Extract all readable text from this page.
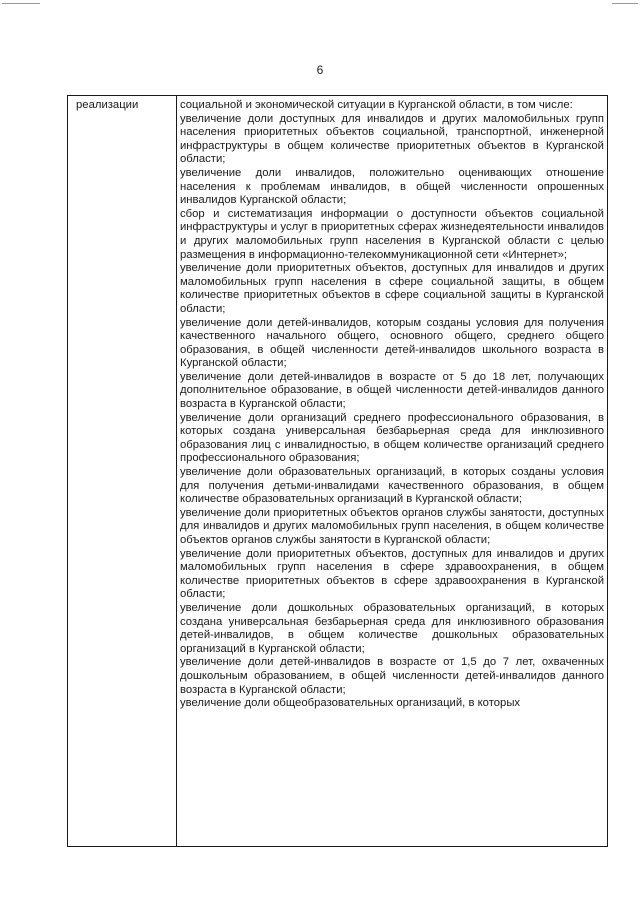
6
реализации	социальной и экономической ситуации в Курганской области, в том числе:

увеличение доли доступных для инвалидов и других маломобильных групп населения приоритетных объектов социальной, транспортной, инженерной инфраструктуры в общем количестве приоритетных объектов в Курганской области;

увеличение доли инвалидов, положительно оценивающих отношение населения к проблемам инвалидов, в общей численности опрошенных инвалидов Курганской области;

сбор и систематизация информации о доступности объектов социальной инфраструктуры и услуг в приоритетных сферах жизнедеятельности инвалидов и других маломобильных групп населения в Курганской области с целью размещения в информационно-телекоммуникационной сети «Интернет»;

увеличение доли приоритетных объектов, доступных для инвалидов и других маломобильных групп населения в сфере социальной защиты, в общем количестве приоритетных объектов в сфере социальной защиты в Курганской области;

увеличение доли детей-инвалидов, которым созданы условия для получения качественного начального общего, основного общего, среднего общего образования, в общей численности детей-инвалидов школьного возраста в Курганской области;

увеличение доли детей-инвалидов в возрасте от 5 до 18 лет, получающих дополнительное образование, в общей численности детей-инвалидов данного возраста в Курганской области;

увеличение доли организаций среднего профессионального образования, в которых создана универсальная безбарьерная среда для инклюзивного образования лиц с инвалидностью, в общем количестве организаций среднего профессионального образования;

увеличение доли образовательных организаций, в которых созданы условия для получения детьми-инвалидами качественного образования, в общем количестве образовательных организаций в Курганской области;

увеличение доли приоритетных объектов органов службы занятости, доступных для инвалидов и других маломобильных групп населения, в общем количестве объектов органов службы занятости в Курганской области;

увеличение доли приоритетных объектов, доступных для инвалидов и других маломобильных групп населения в сфере здравоохранения, в общем количестве приоритетных объектов в сфере здравоохранения в Курганской области;

увеличение доли дошкольных образовательных организаций, в которых создана универсальная безбарьерная среда для инклюзивного образования детей-инвалидов, в общем количестве дошкольных образовательных организаций в Курганской области;

увеличение доли детей-инвалидов в возрасте от 1,5 до 7 лет, охваченных дошкольным образованием, в общей численности детей-инвалидов данного возраста в Курганской области;

увеличение доли общеобразовательных организаций, в которых
